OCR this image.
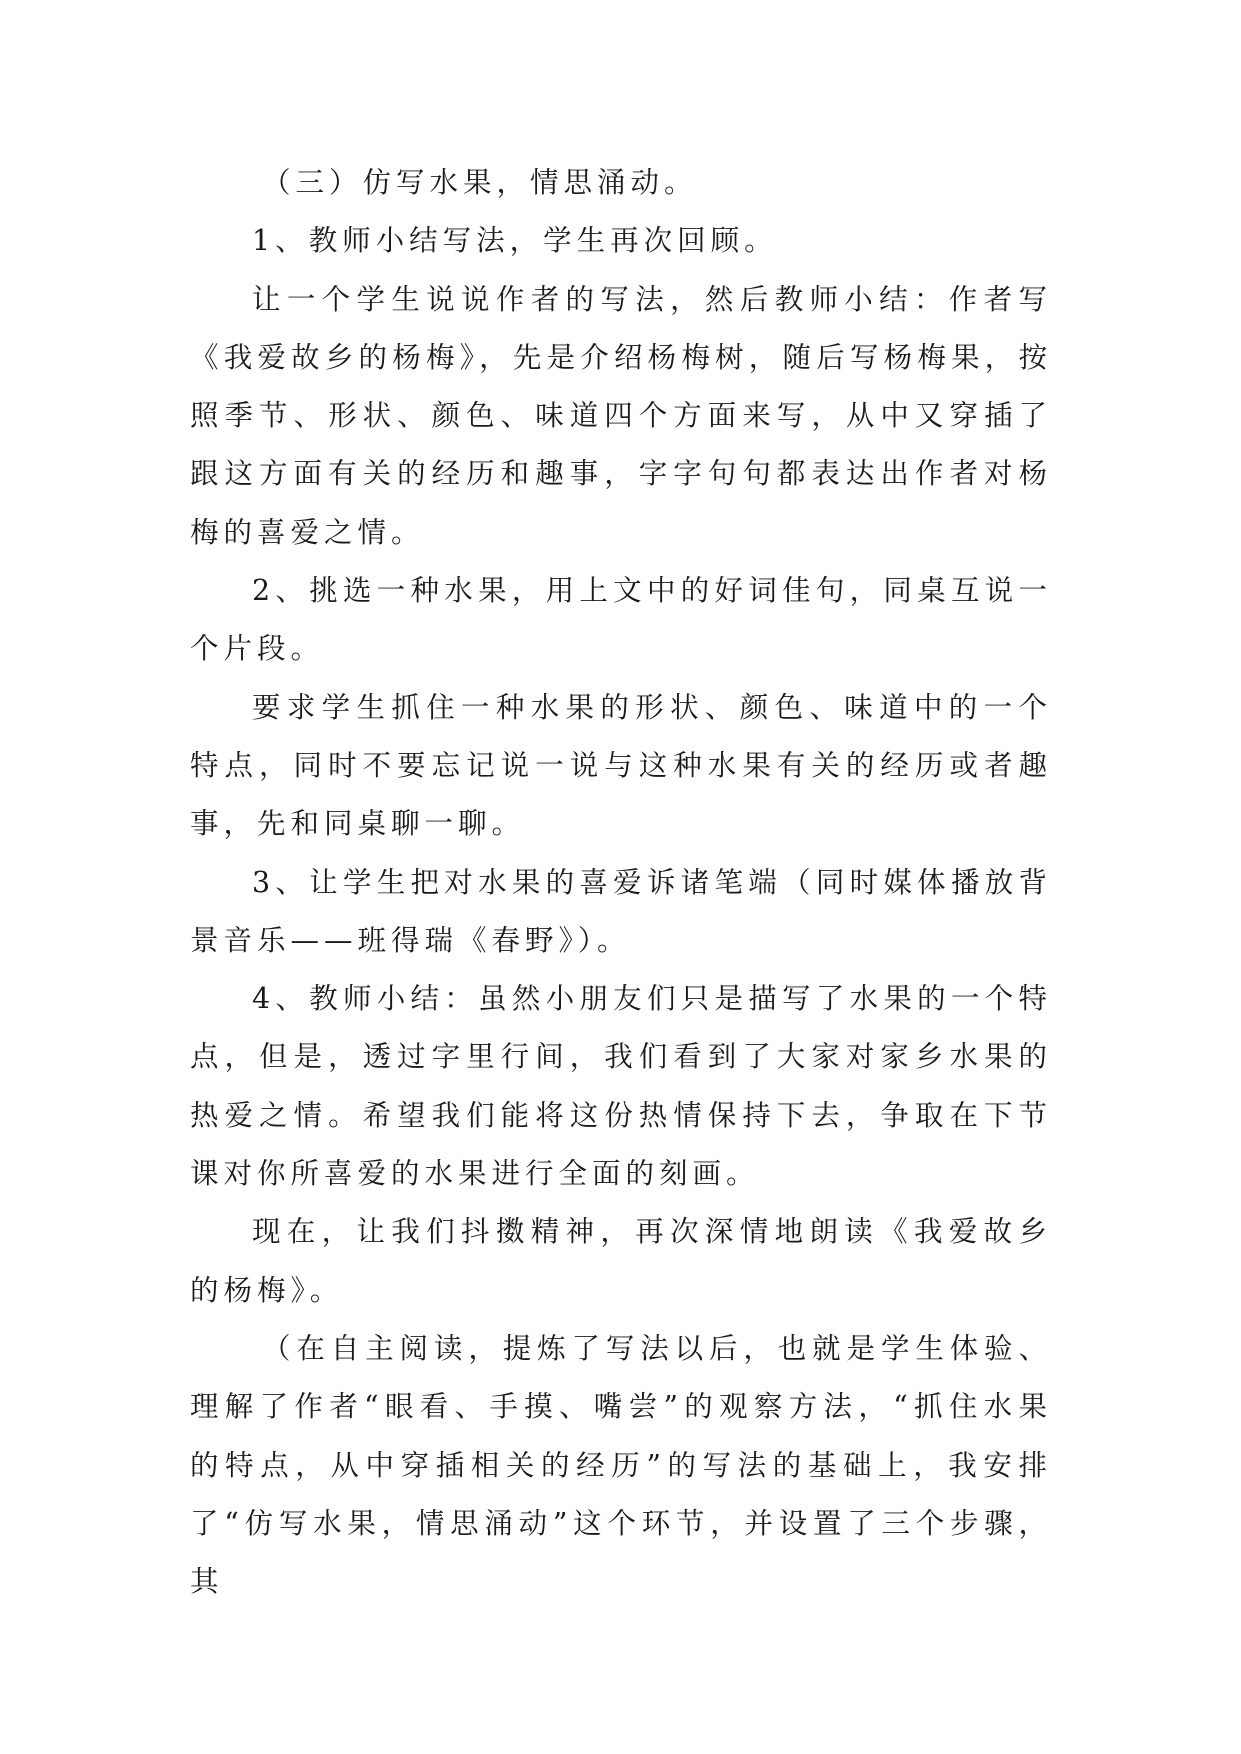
（三）仿写水果，情思涌动。

1、教师小结写法，学生再次回顾。

让一个学生说说作者的写法，然后教师小结：作者写《我爱故乡的杨梅》，先是介绍杨梅树，随后写杨梅果，按照季节、形状、颜色、味道四个方面来写，从中又穿插了跟这方面有关的经历和趣事，字字句句都表达出作者对杨梅的喜爱之情。

2、挑选一种水果，用上文中的好词佳句，同桌互说一个片段。

要求学生抓住一种水果的形状、颜色、味道中的一个特点，同时不要忘记说一说与这种水果有关的经历或者趣事，先和同桌聊一聊。

3、让学生把对水果的喜爱诉诸笔端（同时媒体播放背景音乐——班得瑞《春野》）。

4、教师小结：虽然小朋友们只是描写了水果的一个特点，但是，透过字里行间，我们看到了大家对家乡水果的热爱之情。希望我们能将这份热情保持下去，争取在下节课对你所喜爱的水果进行全面的刻画。

现在，让我们抖擞精神，再次深情地朗读《我爱故乡的杨梅》。

（在自主阅读，提炼了写法以后，也就是学生体验、理解了作者“眼看、手摸、嘴尝”的观察方法，“抓住水果的特点，从中穿插相关的经历”的写法的基础上，我安排了“仿写水果，情思涌动”这个环节，并设置了三个步骤，其
